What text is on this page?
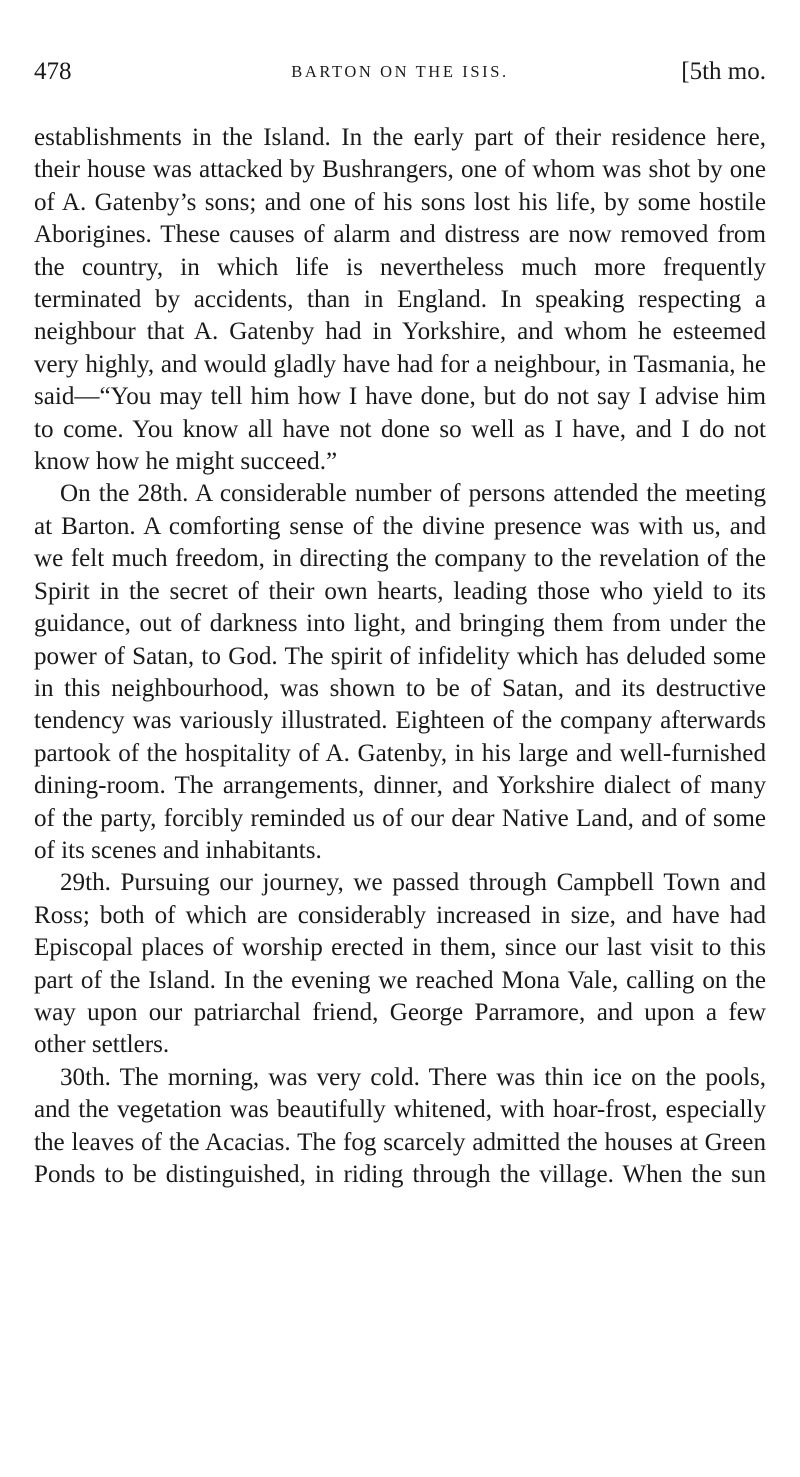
478	BARTON ON THE ISIS.	[5th mo.

establishments in the Island. In the early part of their residence here, their house was attacked by Bushrangers, one of whom was shot by one of A. Gatenby’s sons; and one of his sons lost his life, by some hostile Aborigines. These causes of alarm and distress are now removed from the country, in which life is nevertheless much more frequently terminated by accidents, than in England. In speaking respecting a neighbour that A. Gatenby had in Yorkshire, and whom he esteemed very highly, and would gladly have had for a neighbour, in Tasmania, he said—“You may tell him how I have done, but do not say I advise him to come. You know all have not done so well as I have, and I do not know how he might succeed.”

On the 28th. A considerable number of persons attended the meeting at Barton. A comforting sense of the divine presence was with us, and we felt much freedom, in directing the company to the revelation of the Spirit in the secret of their own hearts, leading those who yield to its guidance, out of darkness into light, and bringing them from under the power of Satan, to God. The spirit of infidelity which has deluded some in this neighbourhood, was shown to be of Satan, and its destructive tendency was variously illustrated. Eighteen of the company afterwards partook of the hospitality of A. Gatenby, in his large and well-furnished dining-room. The arrangements, dinner, and Yorkshire dialect of many of the party, forcibly reminded us of our dear Native Land, and of some of its scenes and inhabitants.

29th. Pursuing our journey, we passed through Campbell Town and Ross; both of which are considerably increased in size, and have had Episcopal places of worship erected in them, since our last visit to this part of the Island. In the evening we reached Mona Vale, calling on the way upon our patriarchal friend, George Parramore, and upon a few other settlers.

30th. The morning, was very cold. There was thin ice on the pools, and the vegetation was beautifully whitened, with hoar-frost, especially the leaves of the Acacias. The fog scarcely admitted the houses at Green Ponds to be distinguished, in riding through the village. When the sun
